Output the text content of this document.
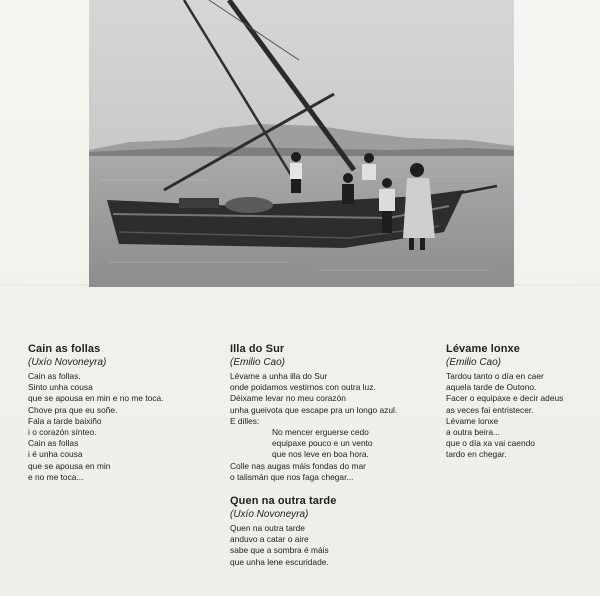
Cain as follas
(Uxío Novoneyra)
Cain as follas.
Sinto unha cousa
que se apousa en min e no me toca.
Chove pra que eu soñe.
Fala a tarde baixiño
i o corazón sínteo.
Cain as follas
i é unha cousa
que se apousa en min
e no me toca...
Illa do Sur
(Emilio Cao)
Lévame a unha illa do Sur
onde poidamos vestirnos con outra luz.
Déixame levar no meu corazón
unha gueivota que escape pra un longo azul.
E dilles:
No mencer erguerse cedo
equipaxe pouco e un vento
que nos leve en boa hora.
Colle nas augas máis fondas do mar
o talismán que nos faga chegar...
Quen na outra tarde
(Uxío Novoneyra)
Quen na outra tarde
anduvo a catar o aire
sabe que a sombra é máis
que unha lene escuridade.
Lévame lonxe
(Emilio Cao)
Tardou tanto o día en caer
aquela tarde de Outono.
Facer o equipaxe e decir adeus
as veces fai entristecer.
Lévame lonxe
a outra beira...
que o día xa vai caendo
tardo en chegar.
